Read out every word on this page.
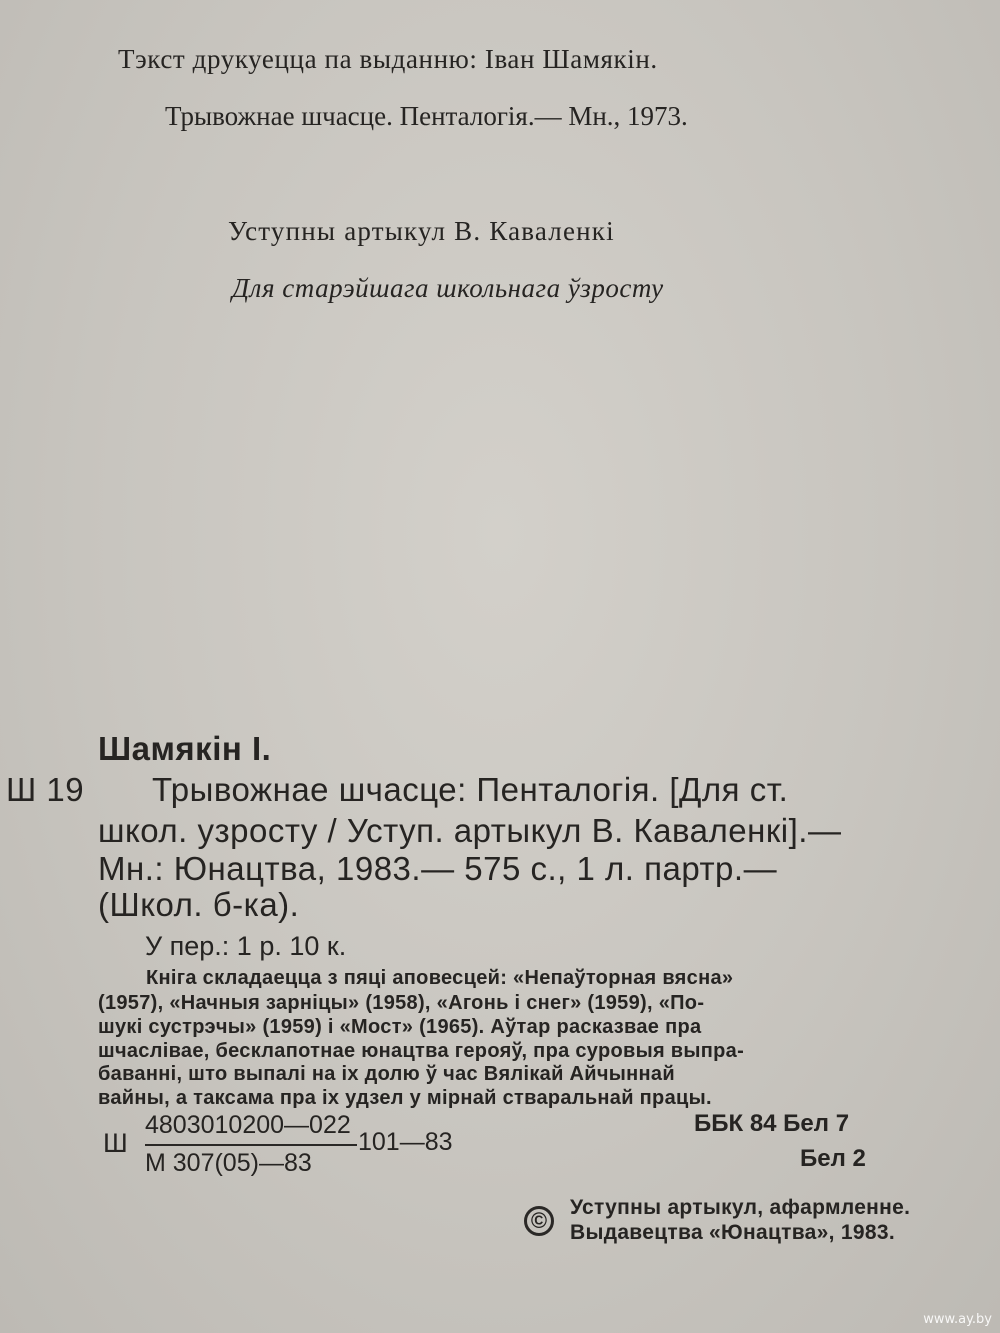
Тэкст друкуецца па выданню: Іван Шамякін.
Трывожнае шчасце. Пенталогія.— Мн., 1973.
Уступны артыкул В. Каваленкі
Для старэйшага школьнага ўзросту
Шамякін І.
Ш 19 Трывожнае шчасце: Пенталогія. [Для ст.
школ. узросту / Уступ. артыкул В. Каваленкі].—
Мн.: Юнацтва, 1983.— 575 с., 1 л. партр.—
(Школ. б-ка).
У пер.: 1 р. 10 к.
Кніга складаецца з пяці аповесцей: «Непаўторная вясна»
(1957), «Начныя зарніцы» (1958), «Агонь і снег» (1959), «По-
шукі сустрэчы» (1959) і «Мост» (1965). Аўтар расказвае пра
шчаслівае, бесклапотнае юнацтва герояў, пра суровыя выпра-
баванні, што выпалі на іх долю ў час Вялікай Айчыннай
вайны, а таксама пра іх удзел у мірнай стваральнай працы.
Ш
4803010200—022
М 307(05)—83
101—83
ББК 84 Бел 7
Бел 2
©
Уступны артыкул, афармленне.
Выдавецтва «Юнацтва», 1983.
www.ay.by
